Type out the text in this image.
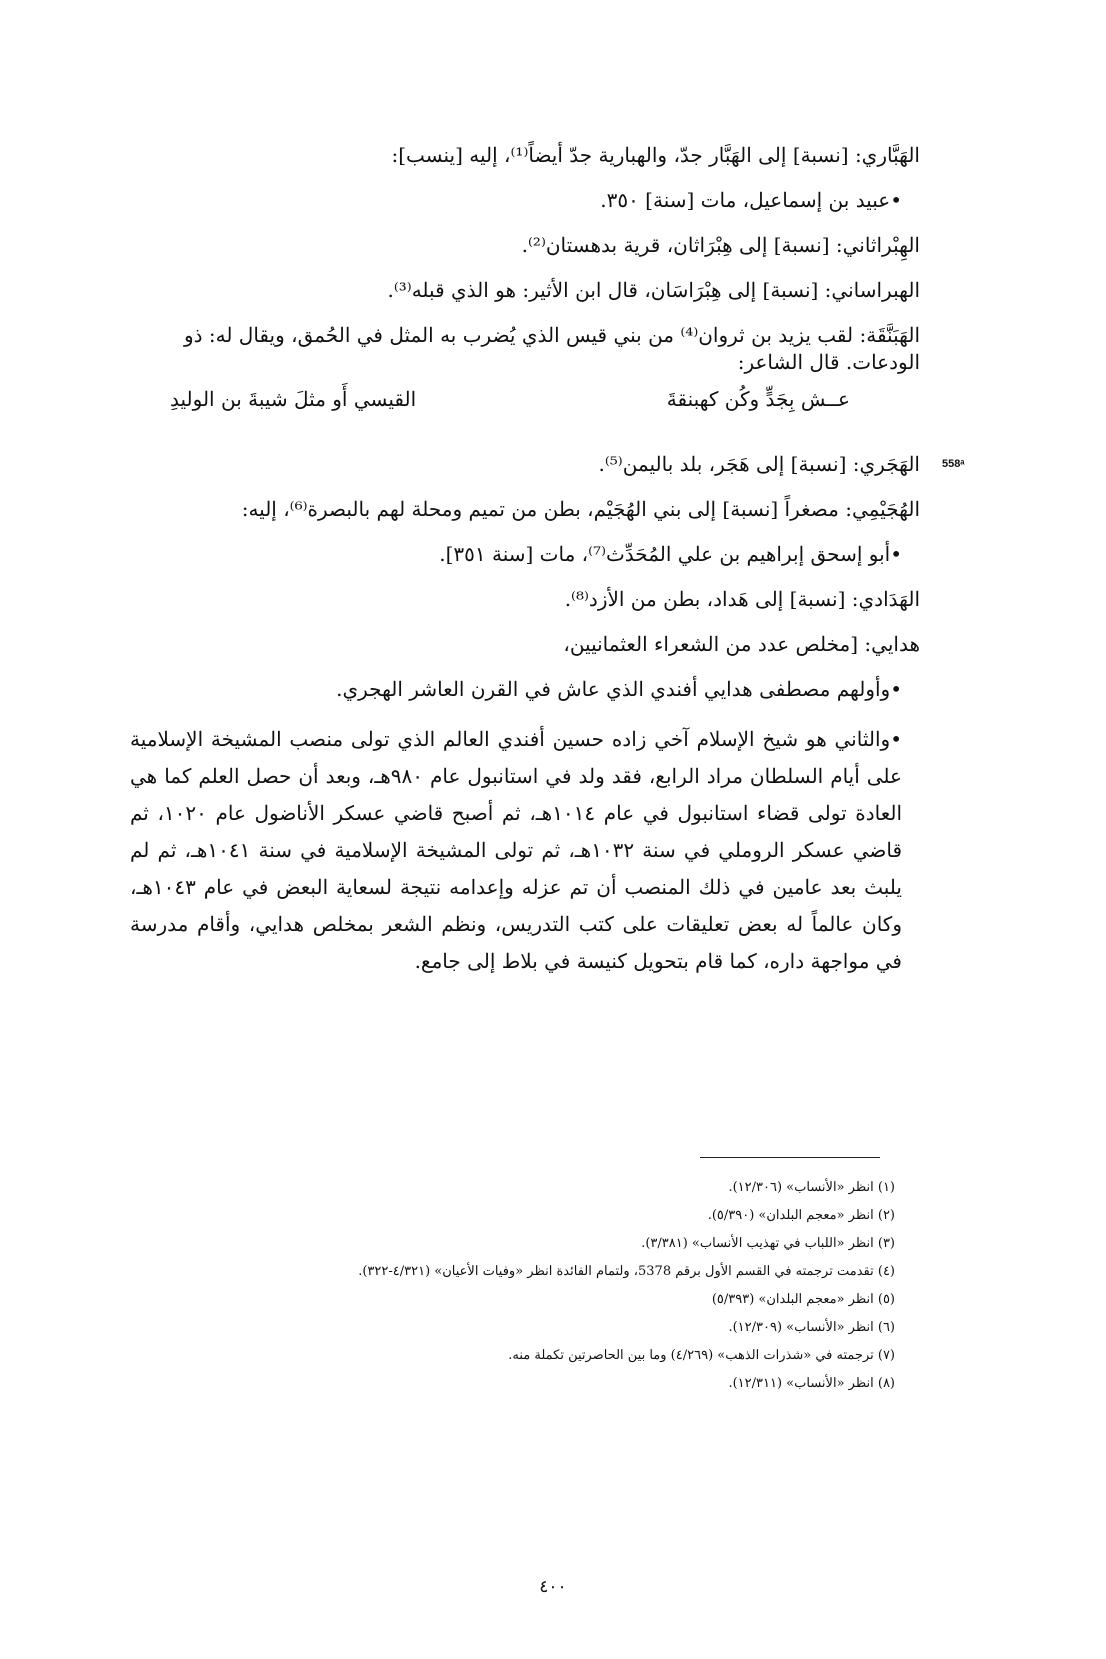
الهَبَّاري: [نسبة] إلى الهَبَّار جدّ، والهبارية جدّ أيضاً⁽¹⁾، إليه [ينسب]:
•عبيد بن إسماعيل، مات [سنة] ٣٥٠.
الهِبْراثاني: [نسبة] إلى هِبْرَاثان، قرية بدهستان⁽²⁾.
الهبراساني: [نسبة] إلى هِبْرَاسَان، قال ابن الأثير: هو الذي قبله⁽³⁾.
الهَبَنَّقَة: لقب يزيد بن ثروان⁽⁴⁾ من بني قيس الذي يُضرب به المثل في الحُمق، ويقال له: ذو الودعات. قال الشاعر:
عــش بِجَدٍّ وكُن كهبنقةَ
القيسي أَو مثلَ شيبةَ بن الوليدِ
الهَجَري: [نسبة] إلى هَجَر، بلد باليمن⁽⁵⁾.
الهُجَيْمِي: مصغراً [نسبة] إلى بني الهُجَيْم، بطن من تميم ومحلة لهم بالبصرة⁽⁶⁾، إليه:
•أبو إسحق إبراهيم بن علي المُحَدِّث⁽⁷⁾، مات [سنة ٣٥١].
الهَدَادي: [نسبة] إلى هَداد، بطن من الأزد⁽⁸⁾.
هدايي: [مخلص عدد من الشعراء العثمانيين،
•وأولهم مصطفى هدايي أفندي الذي عاش في القرن العاشر الهجري.
•والثاني هو شيخ الإسلام آخي زاده حسين أفندي العالم الذي تولى منصب المشيخة الإسلامية على أيام السلطان مراد الرابع، فقد ولد في استانبول عام ٩٨٠هـ، وبعد أن حصل العلم كما هي العادة تولى قضاء استانبول في عام ١٠١٤هـ، ثم أصبح قاضي عسكر الأناضول عام ١٠٢٠، ثم قاضي عسكر الروملي في سنة ١٠٣٢هـ، ثم تولى المشيخة الإسلامية في سنة ١٠٤١هـ، ثم لم يلبث بعد عامين في ذلك المنصب أن تم عزله وإعدامه نتيجة لسعاية البعض في عام ١٠٤٣هـ، وكان عالماً له بعض تعليقات على كتب التدريس، ونظم الشعر بمخلص هدايي، وأقام مدرسة في مواجهة داره، كما قام بتحويل كنيسة في بلاط إلى جامع.
558ᵃ
(١) انظر «الأنساب» (١٢/٣٠٦).
(٢) انظر «معجم البلدان» (٥/٣٩٠).
(٣) انظر «اللباب في تهذيب الأنساب» (٣/٣٨١).
(٤) تقدمت ترجمته في القسم الأول برقم 5378، ولتمام الفائدة انظر «وفيات الأعيان» (٤/٣٢١-٣٢٢).
(٥) انظر «معجم البلدان» (٥/٣٩٣)
(٦) انظر «الأنساب» (١٢/٣٠٩).
(٧) ترجمته في «شذرات الذهب» (٤/٢٦٩) وما بين الحاصرتين تكملة منه.
(٨) انظر «الأنساب» (١٢/٣١١).
٤٠٠
